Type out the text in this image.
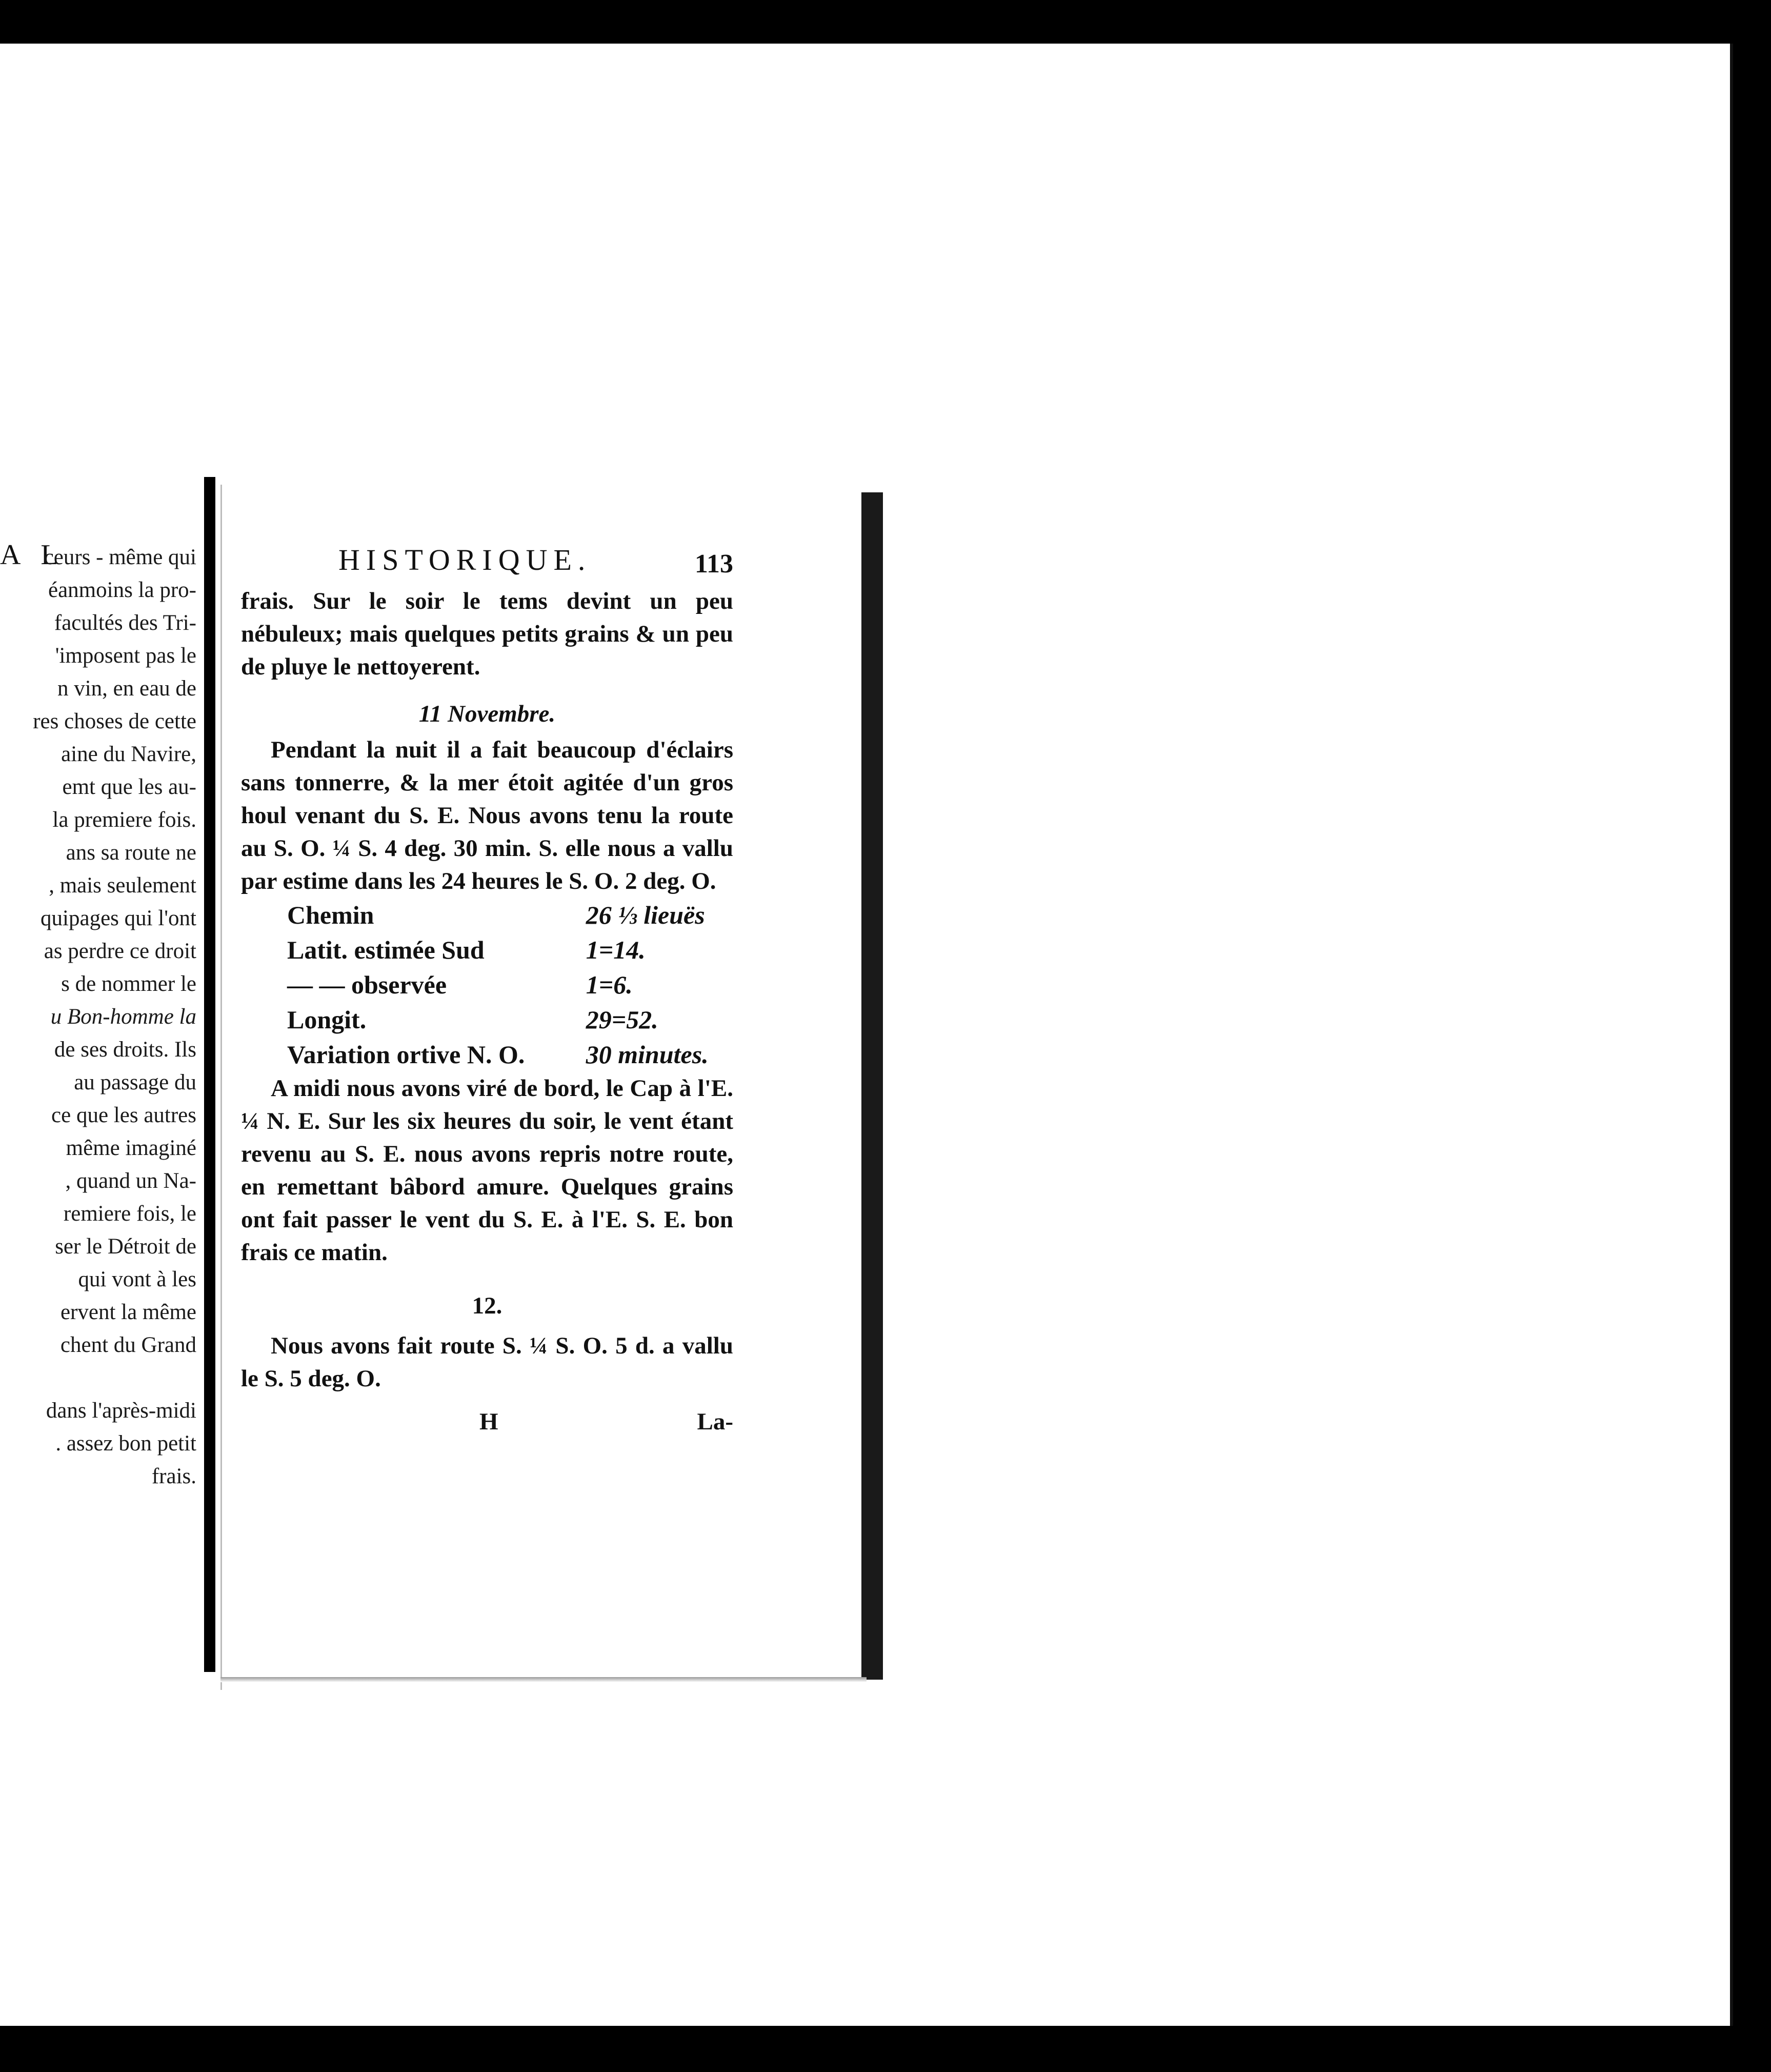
A L
ceurs - même qui
éanmoins la pro-
facultés des Tri-
'imposent pas le
n vin, en eau de
res choses de cette
aine du Navire,
emt que les au-
la premiere fois.
ans sa route ne
, mais seulement
quipages qui l'ont
as perdre ce droit
s de nommer le
u Bon-homme la
de ses droits. Ils
au passage du
ce que les autres
même imaginé
, quand un Na-
remiere fois, le
ser le Détroit de
qui vont à les
ervent la même
chent du Grand
dans l'après-midi
. assez bon petit
frais.
HISTORIQUE.	113

frais. Sur le soir le tems devint un peu nébuleux; mais quelques petits grains & un peu de pluye le nettoyerent.

11 Novembre.

Pendant la nuit il a fait beaucoup d'éclairs sans tonnerre, & la mer étoit agitée d'un gros houl venant du S. E. Nous avons tenu la route au S. O. ¼ S. 4 deg. 30 min. S. elle nous a vallu par estime dans les 24 heures le S. O. 2 deg. O.

Chemin	26 ⅓ lieuës
Latit. estimée Sud	1=14.
— — observée	1=6.
Longit.	29=52.
Variation ortive N. O.	30 minutes.

A midi nous avons viré de bord, le Cap à l'E. ¼ N. E. Sur les six heures du soir, le vent étant revenu au S. E. nous avons repris notre route, en remettant bâbord amure. Quelques grains ont fait passer le vent du S. E. à l'E. S. E. bon frais ce matin.

12.

Nous avons fait route S. ¼ S. O. 5 d. a vallu le S. 5 deg. O.

H	La-
